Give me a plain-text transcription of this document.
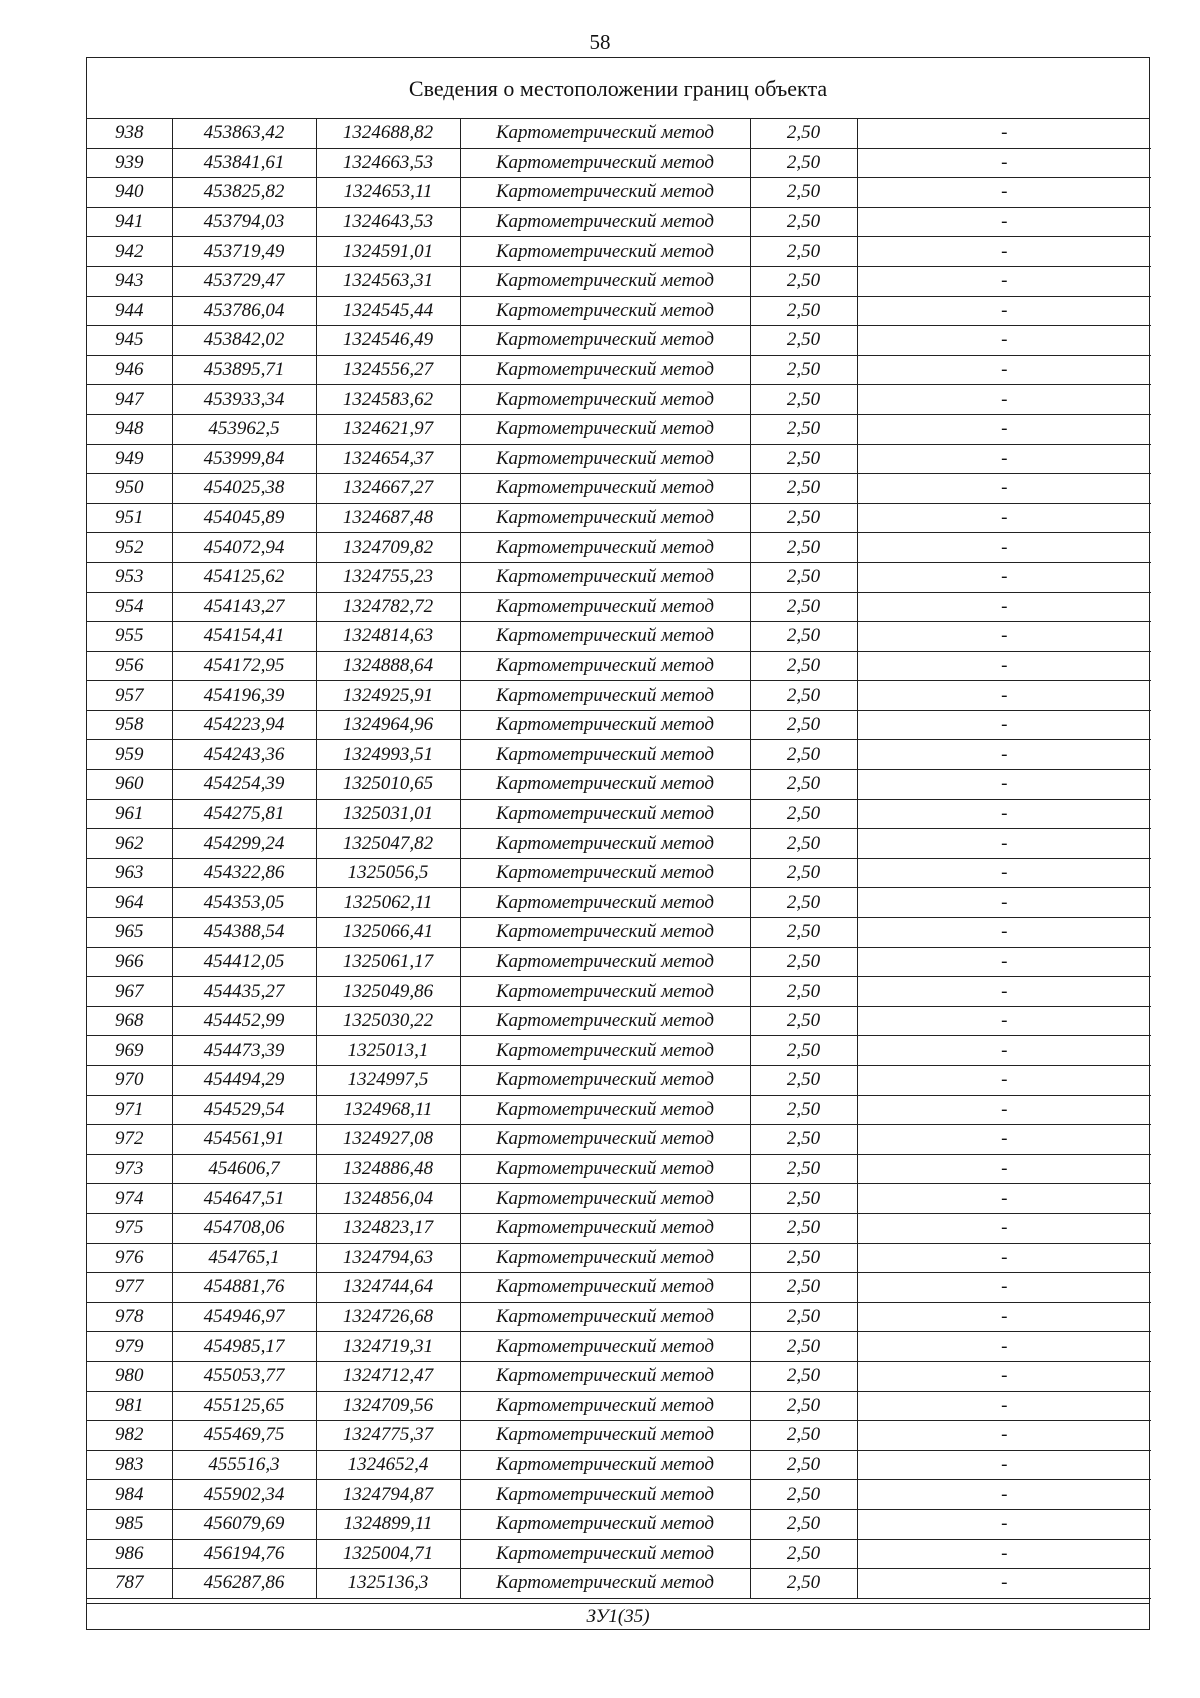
58
Сведения о местоположении границ объекта
938	453863,42	1324688,82	Картометрический метод	2,50	-
939	453841,61	1324663,53	Картометрический метод	2,50	-
940	453825,82	1324653,11	Картометрический метод	2,50	-
941	453794,03	1324643,53	Картометрический метод	2,50	-
942	453719,49	1324591,01	Картометрический метод	2,50	-
943	453729,47	1324563,31	Картометрический метод	2,50	-
944	453786,04	1324545,44	Картометрический метод	2,50	-
945	453842,02	1324546,49	Картометрический метод	2,50	-
946	453895,71	1324556,27	Картометрический метод	2,50	-
947	453933,34	1324583,62	Картометрический метод	2,50	-
948	453962,5	1324621,97	Картометрический метод	2,50	-
949	453999,84	1324654,37	Картометрический метод	2,50	-
950	454025,38	1324667,27	Картометрический метод	2,50	-
951	454045,89	1324687,48	Картометрический метод	2,50	-
952	454072,94	1324709,82	Картометрический метод	2,50	-
953	454125,62	1324755,23	Картометрический метод	2,50	-
954	454143,27	1324782,72	Картометрический метод	2,50	-
955	454154,41	1324814,63	Картометрический метод	2,50	-
956	454172,95	1324888,64	Картометрический метод	2,50	-
957	454196,39	1324925,91	Картометрический метод	2,50	-
958	454223,94	1324964,96	Картометрический метод	2,50	-
959	454243,36	1324993,51	Картометрический метод	2,50	-
960	454254,39	1325010,65	Картометрический метод	2,50	-
961	454275,81	1325031,01	Картометрический метод	2,50	-
962	454299,24	1325047,82	Картометрический метод	2,50	-
963	454322,86	1325056,5	Картометрический метод	2,50	-
964	454353,05	1325062,11	Картометрический метод	2,50	-
965	454388,54	1325066,41	Картометрический метод	2,50	-
966	454412,05	1325061,17	Картометрический метод	2,50	-
967	454435,27	1325049,86	Картометрический метод	2,50	-
968	454452,99	1325030,22	Картометрический метод	2,50	-
969	454473,39	1325013,1	Картометрический метод	2,50	-
970	454494,29	1324997,5	Картометрический метод	2,50	-
971	454529,54	1324968,11	Картометрический метод	2,50	-
972	454561,91	1324927,08	Картометрический метод	2,50	-
973	454606,7	1324886,48	Картометрический метод	2,50	-
974	454647,51	1324856,04	Картометрический метод	2,50	-
975	454708,06	1324823,17	Картометрический метод	2,50	-
976	454765,1	1324794,63	Картометрический метод	2,50	-
977	454881,76	1324744,64	Картометрический метод	2,50	-
978	454946,97	1324726,68	Картометрический метод	2,50	-
979	454985,17	1324719,31	Картометрический метод	2,50	-
980	455053,77	1324712,47	Картометрический метод	2,50	-
981	455125,65	1324709,56	Картометрический метод	2,50	-
982	455469,75	1324775,37	Картометрический метод	2,50	-
983	455516,3	1324652,4	Картометрический метод	2,50	-
984	455902,34	1324794,87	Картометрический метод	2,50	-
985	456079,69	1324899,11	Картометрический метод	2,50	-
986	456194,76	1325004,71	Картометрический метод	2,50	-
787	456287,86	1325136,3	Картометрический метод	2,50	-
ЗУ1(35)
